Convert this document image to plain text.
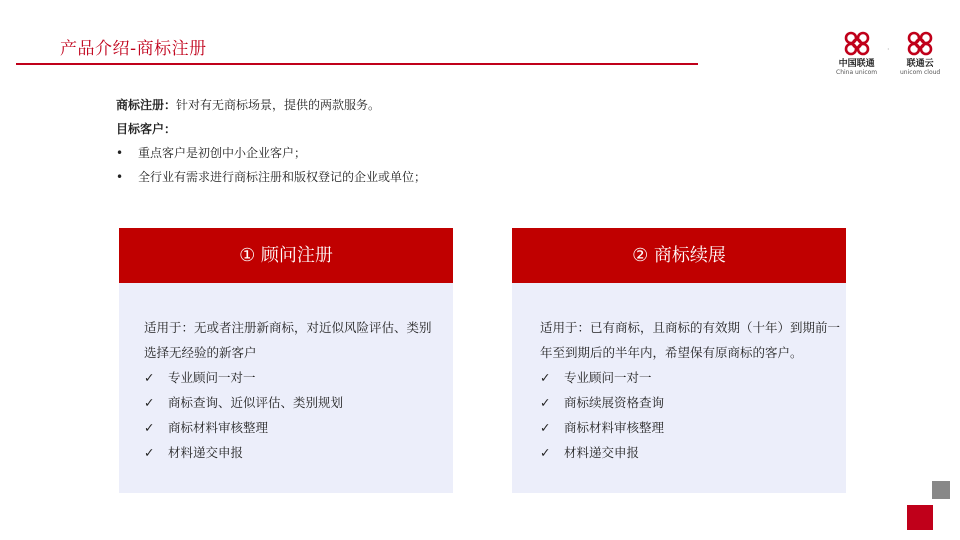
产品介绍-商标注册
中国联通
China unicom
·
联通云
unicom cloud
商标注册：针对有无商标场景，提供的两款服务。
目标客户：
• 重点客户是初创中小企业客户；
• 全行业有需求进行商标注册和版权登记的企业或单位；
① 顾问注册
适用于：无或者注册新商标，对近似风险评估、类别选择无经验的新客户
✓ 专业顾问一对一
✓ 商标查询、近似评估、类别规划
✓ 商标材料审核整理
✓ 材料递交申报
② 商标续展
适用于：已有商标，且商标的有效期（十年）到期前一年至到期后的半年内，希望保有原商标的客户。
✓ 专业顾问一对一
✓ 商标续展资格查询
✓ 商标材料审核整理
✓ 材料递交申报
